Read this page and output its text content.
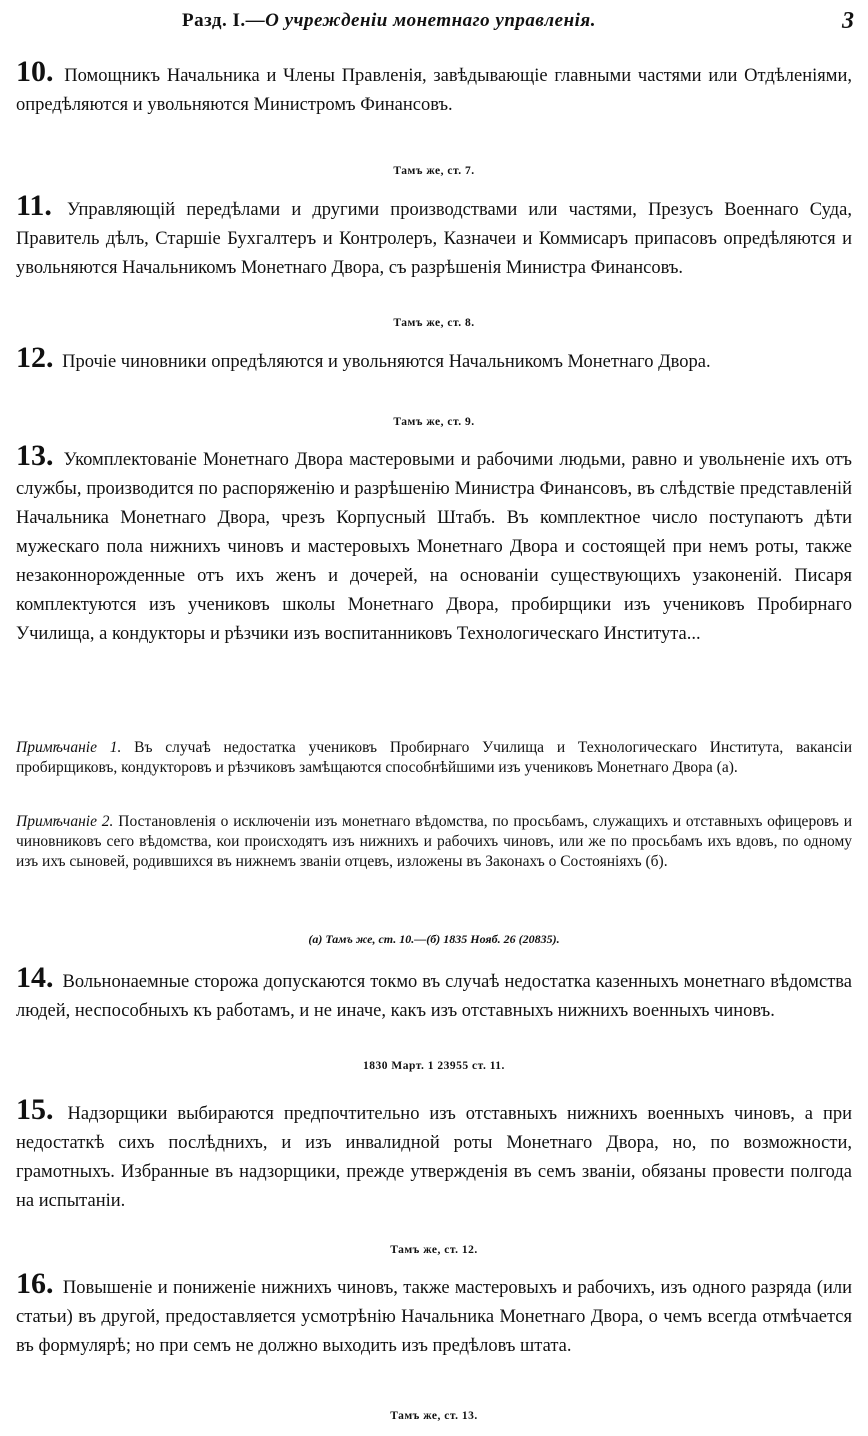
Разд. I.—О учрежденіи монетнаго управленія.	3
10. Помощникъ Начальника и Члены Правленія, завѣдывающіе главными частями или Отдѣленіями, опредѣляются и увольняются Министромъ Финансовъ.
Тамъ же, ст. 7.
11. Управляющій передѣлами и другими производствами или частями, Презусъ Военнаго Суда, Правитель дѣлъ, Старшіе Бухгалтеръ и Контролеръ, Казначеи и Коммисаръ припасовъ опредѣляются и увольняются Начальникомъ Монетнаго Двора, съ разрѣшенія Министра Финансовъ.
Тамъ же, ст. 8.
12. Прочіе чиновники опредѣляются и увольняются Начальникомъ Монетнаго Двора.
Тамъ же, ст. 9.
13. Укомплектованіе Монетнаго Двора мастеровыми и рабочими людьми, равно и увольненіе ихъ отъ службы, производится по распоряженію и разрѣшенію Министра Финансовъ, въ слѣдствіе представленій Начальника Монетнаго Двора, чрезъ Корпусный Штабъ. Въ комплектное число поступаютъ дѣти мужескаго пола нижнихъ чиновъ и мастеровыхъ Монетнаго Двора и состоящей при немъ роты, также незаконнорожденные отъ ихъ женъ и дочерей, на основаніи существующихъ узаконеній. Писаря комплектуются изъ учениковъ школы Монетнаго Двора, пробирщики изъ учениковъ Пробирнаго Училища, а кондукторы и рѣзчики изъ воспитанниковъ Технологическаго Института...
Примѣчаніе 1. Въ случаѣ недостатка учениковъ Пробирнаго Училища и Технологическаго Института, вакансіи пробирщиковъ, кондукторовъ и рѣзчиковъ замѣщаются способнѣйшими изъ учениковъ Монетнаго Двора (а).
Примѣчаніе 2. Постановленія о исключеніи изъ монетнаго вѣдомства, по просьбамъ, служащихъ и отставныхъ офицеровъ и чиновниковъ сего вѣдомства, кои происходятъ изъ нижнихъ и рабочихъ чиновъ, или же по просьбамъ ихъ вдовъ, по одному изъ ихъ сыновей, родившихся въ нижнемъ званіи отцевъ, изложены въ Законахъ о Состояніяхъ (б).
(а) Тамъ же, ст. 10.—(б) 1835 Нояб. 26 (20835).
14. Вольнонаемные сторожа допускаются токмо въ случаѣ недостатка казенныхъ монетнаго вѣдомства людей, неспособныхъ къ работамъ, и не иначе, какъ изъ отставныхъ нижнихъ военныхъ чиновъ.
1830 Март. 1 23955 ст. 11.
15. Надзорщики выбираются предпочтительно изъ отставныхъ нижнихъ военныхъ чиновъ, а при недостаткѣ сихъ послѣднихъ, и изъ инвалидной роты Монетнаго Двора, но, по возможности, грамотныхъ. Избранные въ надзорщики, прежде утвержденія въ семъ званіи, обязаны провести полгода на испытаніи.
Тамъ же, ст. 12.
16. Повышеніе и пониженіе нижнихъ чиновъ, также мастеровыхъ и рабочихъ, изъ одного разряда (или статьи) въ другой, предоставляется усмотрѣнію Начальника Монетнаго Двора, о чемъ всегда отмѣчается въ формулярѣ; но при семъ не должно выходить изъ предѣловъ штата.
Тамъ же, ст. 13.
